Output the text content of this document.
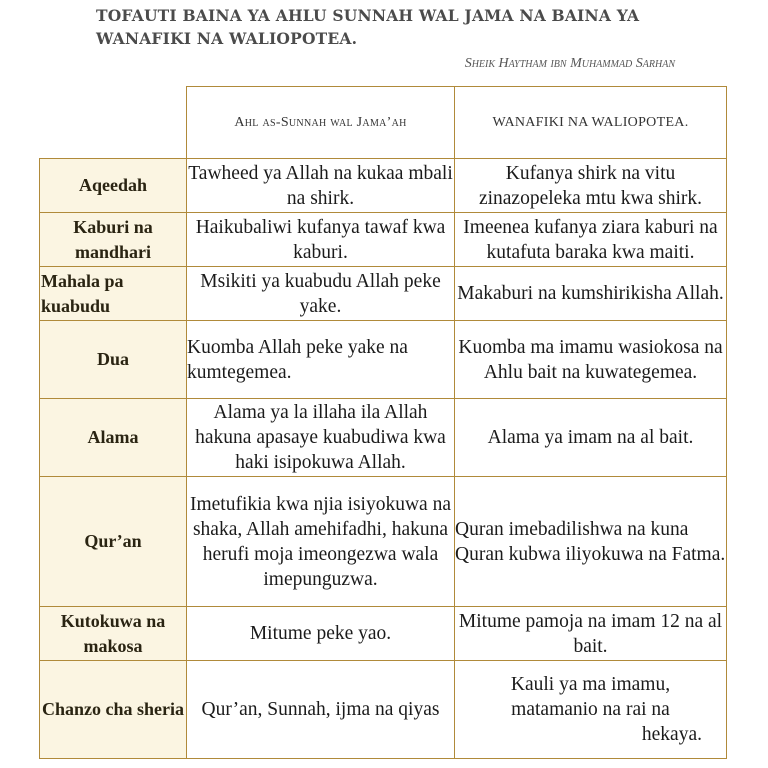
TOFAUTI BAINA YA AHLU SUNNAH WAL JAMA NA BAINA YA WANAFIKI NA WALIOPOTEA.
Sheik Haytham ibn Muhammad Sarhan
	Ahl as-Sunnah wal Jama’ah	WANAFIKI NA WALIOPOTEA.
Aqeedah	Tawheed ya Allah na kukaa mbali na shirk.	Kufanya shirk na vitu zinazopeleka mtu kwa shirk.
Kaburi na mandhari	Haikubaliwi kufanya tawaf kwa kaburi.	Imeenea kufanya ziara kaburi na kutafuta baraka kwa maiti.
Mahala pa kuabudu	Msikiti ya kuabudu Allah peke yake.	Makaburi na kumshirikisha Allah.
Dua	Kuomba Allah peke yake na kumtegemea.	Kuomba ma imamu wasiokosa na Ahlu bait na kuwategemea.
Alama	Alama ya la illaha ila Allah hakuna apasaye kuabudiwa kwa haki isipokuwa Allah.	Alama ya imam na al bait.
Qur’an	Imetufikia kwa njia isiyokuwa na shaka, Allah amehifadhi, hakuna herufi moja imeongezwa wala imepunguzwa.	Quran imebadilishwa na kuna Quran kubwa iliyokuwa na Fatma.
Kutokuwa na makosa	Mitume peke yao.	Mitume pamoja na imam 12 na al bait.
Chanzo cha sheria	Qur’an, Sunnah, ijma na qiyas	Kauli ya ma imamu,
matamanio na rai na
hekaya.
